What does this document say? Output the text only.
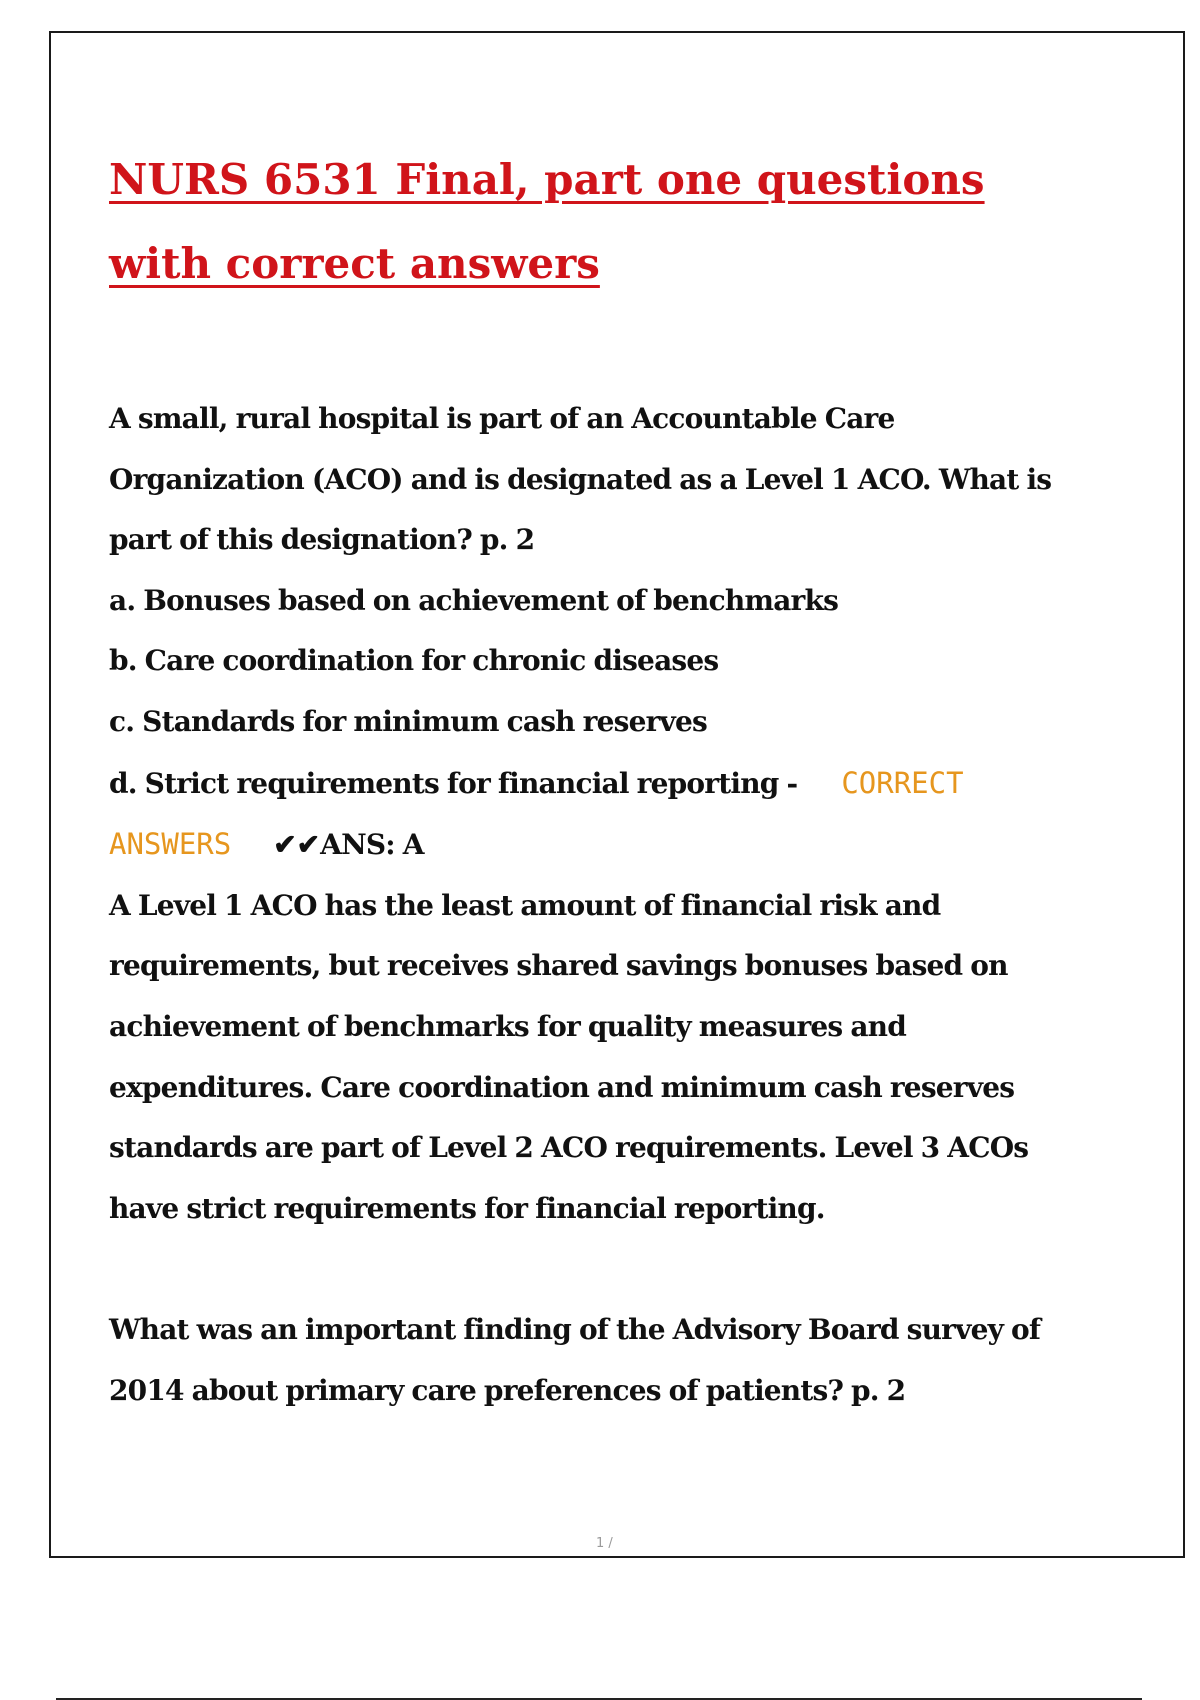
NURS 6531 Final, part one questions with correct answers

A small, rural hospital is part of an Accountable Care Organization (ACO) and is designated as a Level 1 ACO. What is part of this designation? p. 2

a. Bonuses based on achievement of benchmarks

b. Care coordination for chronic diseases

c. Standards for minimum cash reserves

d. Strict requirements for financial reporting - CORRECT

ANSWERS ✔✔ANS: A

A Level 1 ACO has the least amount of financial risk and requirements, but receives shared savings bonuses based on achievement of benchmarks for quality measures and expenditures. Care coordination and minimum cash reserves standards are part of Level 2 ACO requirements. Level 3 ACOs have strict requirements for financial reporting.

What was an important finding of the Advisory Board survey of 2014 about primary care preferences of patients? p. 2

1 /
